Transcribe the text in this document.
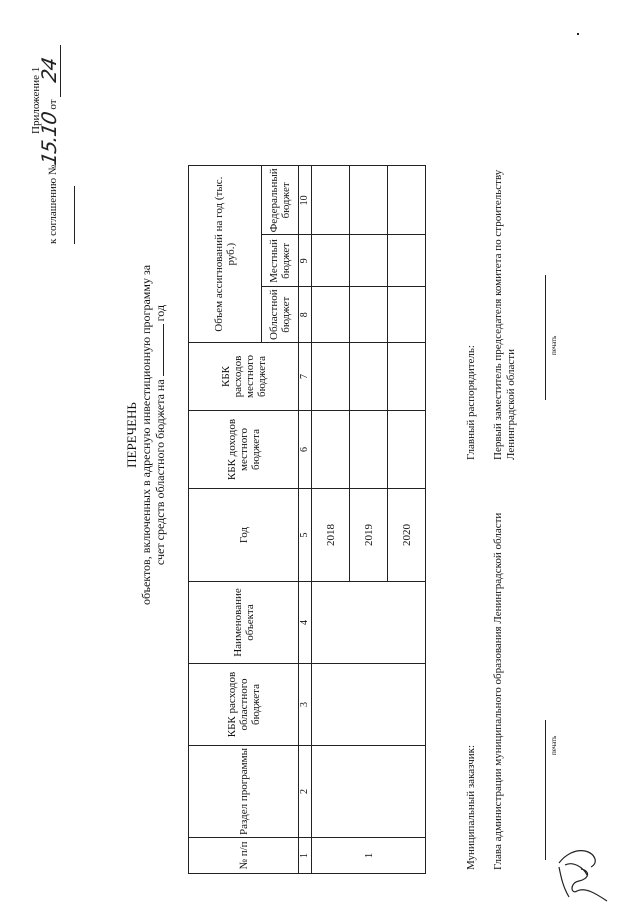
Приложение 1
к соглашению №15.10 от 24
ПЕРЕЧЕНЬ объектов, включенных в адресную инвестиционную программу за счет средств областного бюджета на  год
№ п/п	Раздел программы	КБК расходов областного бюджета	Наименование объекта	Год	КБК доходов местного бюджета	КБК расходов местного бюджета	Объем ассигнований на год (тыс. руб.)		
							Областной бюджет	Местный бюджет	Федеральный бюджет
1	2	3	4	5	6	7	8	9	10
1				2018					
				2019					
				2020					
Муниципальный заказчик: Глава администрации муниципального образования Ленинградской области	печать
Главный распорядитель: Первый заместитель председателя комитета по строительству Ленинградской области
печать
